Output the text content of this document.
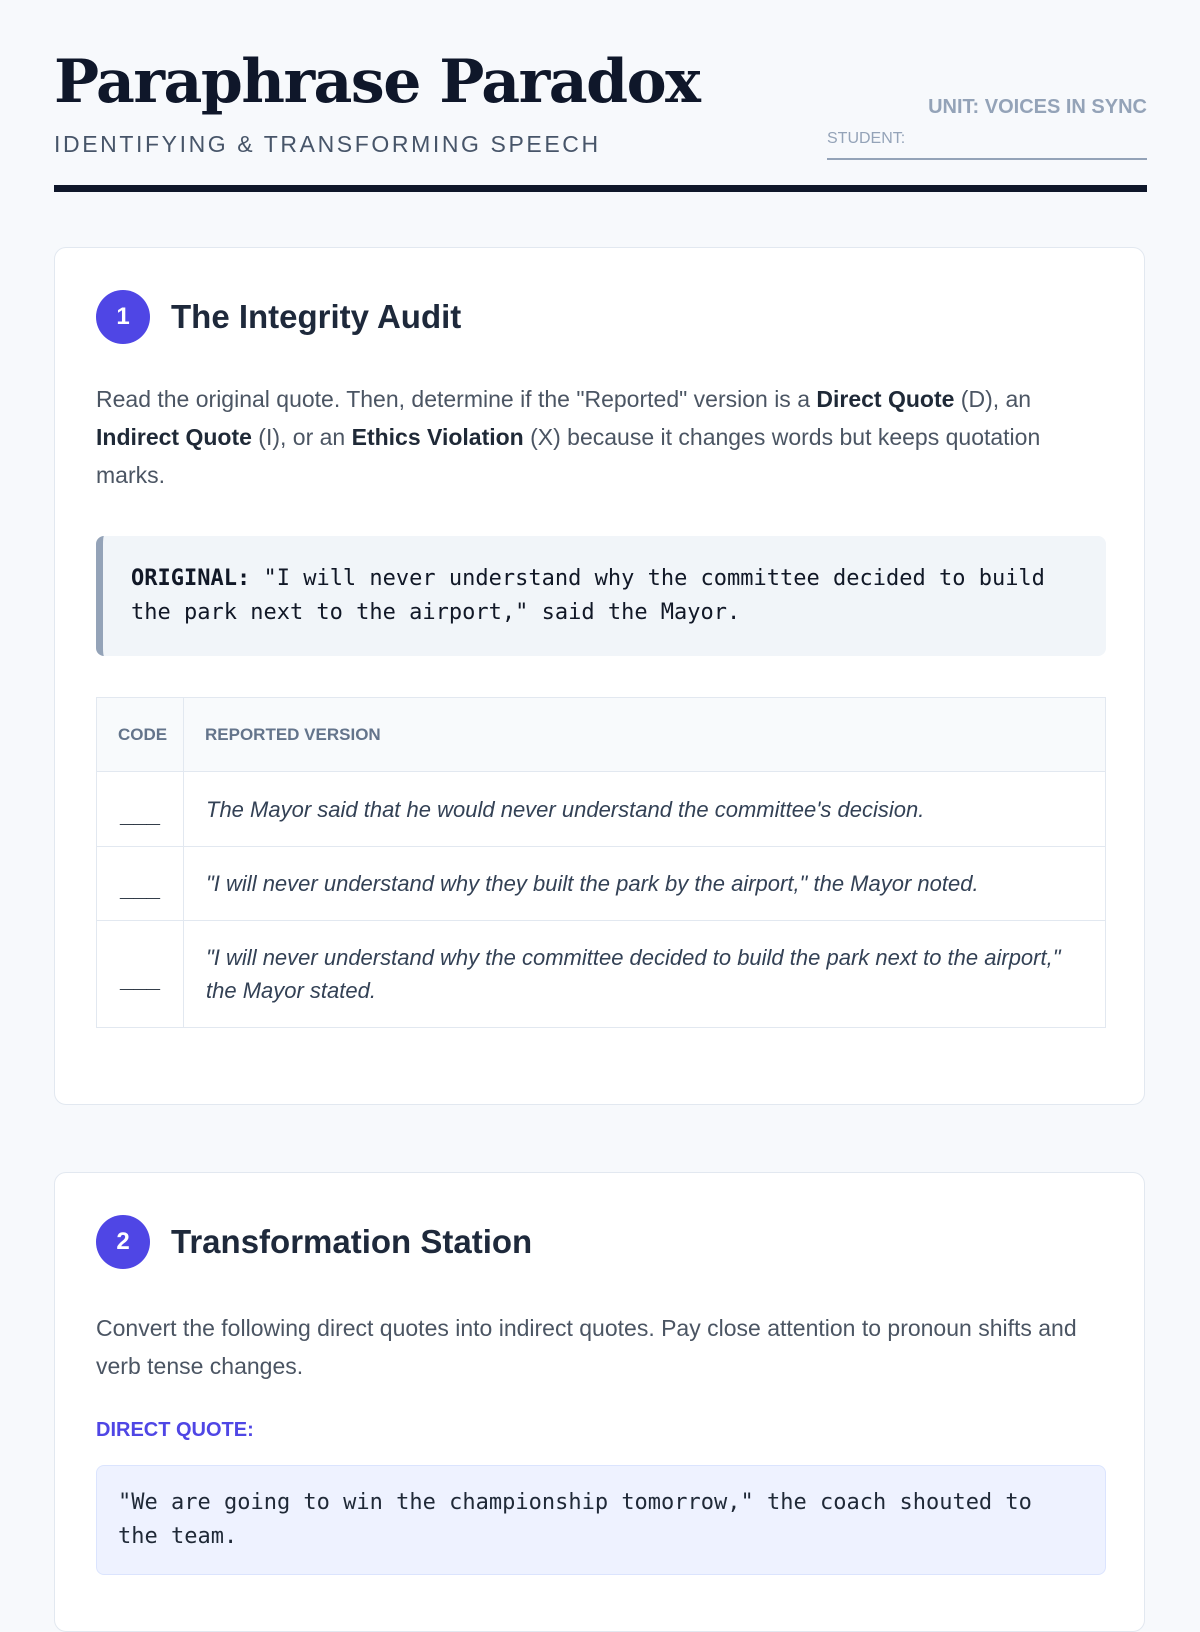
Paraphrase Paradox
IDENTIFYING & TRANSFORMING SPEECH
UNIT: VOICES IN SYNC
STUDENT:
1	The Integrity Audit

Read the original quote. Then, determine if the "Reported" version is a Direct Quote (D), an Indirect Quote (I), or an Ethics Violation (X) because it changes words but keeps quotation marks.

ORIGINAL: "I will never understand why the committee decided to build the park next to the airport," said the Mayor.
CODE	REPORTED VERSION
___	The Mayor said that he would never understand the committee's decision.
___	"I will never understand why they built the park by the airport," the Mayor noted.
___	"I will never understand why the committee decided to build the park next to the airport," the Mayor stated.
2	Transformation Station

Convert the following direct quotes into indirect quotes. Pay close attention to pronoun shifts and verb tense changes.

DIRECT QUOTE:
"We are going to win the championship tomorrow," the coach shouted to the team.
